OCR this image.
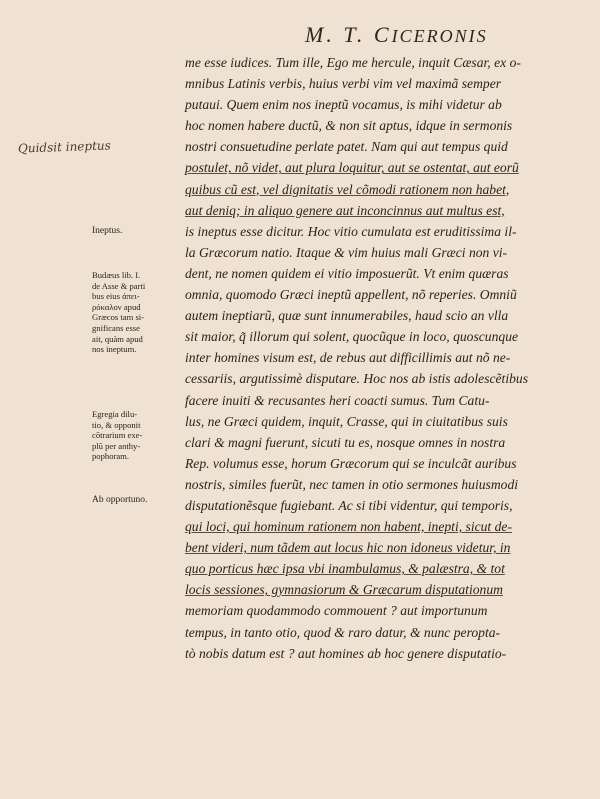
M. T. CICERONIS
Quidsit ineptus
Ineptus.
Budæus lib. I.
de Asse & parti
bus eius ἀπει-
ρόκαλον apud
Græcos tam si-
gnificans esse
ait, quàm apud
nos ineptum.
Egregia dilu-
tio, & opponit
cõtrarium exe-
plũ per anthy-
pophoram.
Ab opportuno.
me esse iudices. Tum ille, Ego me hercule, inquit Cæsar, ex o-
mnibus Latinis verbis, huius verbi vim vel maximã semper
putaui. Quem enim nos ineptũ vocamus, is mihi videtur ab
hoc nomen habere ductũ, & non sit aptus, idque in sermonis
nostri consuetudine perlate patet. Nam qui aut tempus quid
postulet, nõ videt, aut plura loquitur, aut se ostentat, aut eorũ
quibus cũ est, vel dignitatis vel cõmodi rationem non habet,
aut deniq; in aliquo genere aut inconcinnus aut multus est,
is ineptus esse dicitur. Hoc vitio cumulata est eruditissima il-
la Græcorum natio. Itaque & vim huius mali Græci non vi-
dent, ne nomen quidem ei vitio imposuerũt. Vt enim quæras
omnia, quomodo Græci ineptũ appellent, nõ reperies. Omniũ
autem ineptiarũ, quæ sunt innumerabiles, haud scio an vlla
sit maior, q̃ illorum qui solent, quocũque in loco, quoscunque
inter homines visum est, de rebus aut difficillimis aut nõ ne-
cessariis, argutissimè disputare. Hoc nos ab istis adolescẽtibus
facere inuiti & recusantes heri coacti sumus. Tum Catu-
lus, ne Græci quidem, inquit, Crasse, qui in ciuitatibus suis
clari & magni fuerunt, sicuti tu es, nosque omnes in nostra
Rep. volumus esse, horum Græcorum qui se inculcãt auribus
nostris, similes fuerũt, nec tamen in otio sermones huiusmodi
disputationẽsque fugiebant. Ac si tibi videntur, qui temporis,
qui loci, qui hominum rationem non habent, inepti, sicut de-
bent videri, num tãdem aut locus hic non idoneus videtur, in
quo porticus hæc ipsa vbi inambulamus, & palæstra, & tot
locis sessiones, gymnasiorum & Græcarum disputationum
memoriam quodammodo commouent ? aut importunum
tempus, in tanto otio, quod & raro datur, & nunc peropta-
tò nobis datum est ? aut homines ab hoc genere disputatio-
